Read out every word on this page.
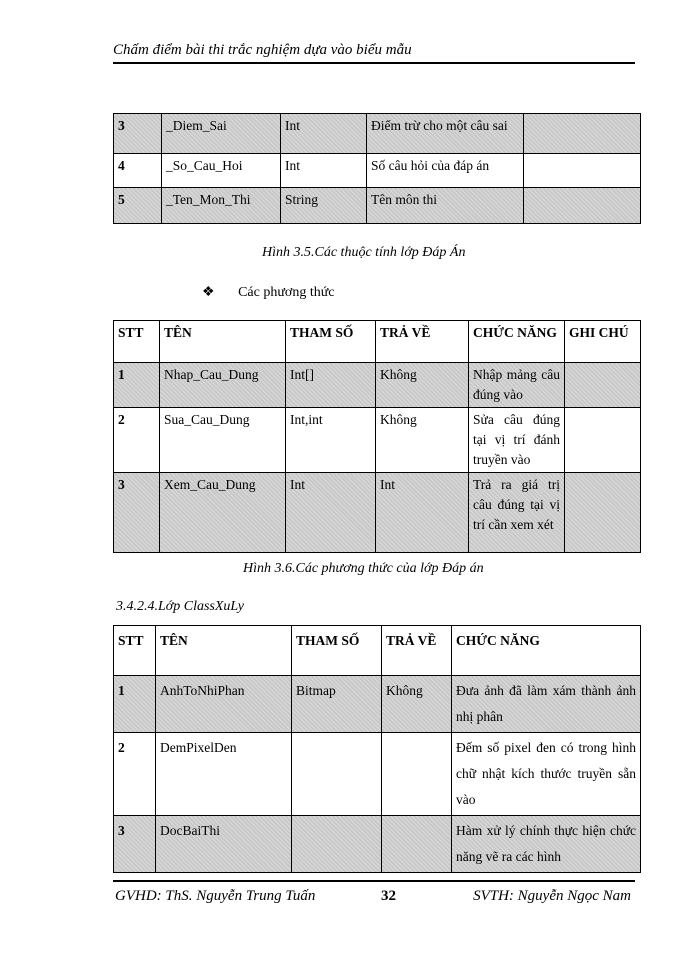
Chấm điểm bài thi trắc nghiệm dựa vào biểu mẫu
3	_Diem_Sai	Int	Điểm trừ cho một câu sai	
4	_So_Cau_Hoi	Int	Số câu hỏi của đáp án	
5	_Ten_Mon_Thi	String	Tên môn thi	
Hình 3.5.Các thuộc tính lớp Đáp Án
❖ Các phương thức
STT	TÊN	THAM SỐ	TRẢ VỀ	CHỨC NĂNG	GHI CHÚ
1	Nhap_Cau_Dung	Int[]	Không	Nhập mảng câu đúng vào	
2	Sua_Cau_Dung	Int,int	Không	Sửa câu đúng tại vị trí đánh truyền vào	
3	Xem_Cau_Dung	Int	Int	Trả ra giá trị câu đúng tại vị trí cần xem xét	
Hình 3.6.Các phương thức của lớp Đáp án
3.4.2.4.Lớp ClassXuLy
STT	TÊN	THAM SỐ	TRẢ VỀ	CHỨC NĂNG
1	AnhToNhiPhan	Bitmap	Không	Đưa ảnh đã làm xám thành ảnh nhị phân
2	DemPixelDen			Đếm số pixel đen có trong hình chữ nhật kích thước truyền sẵn vào
3	DocBaiThi			Hàm xử lý chính thực hiện chức năng vẽ ra các hình
GVHD: ThS. Nguyễn Trung Tuấn	32	SVTH: Nguyễn Ngọc Nam
